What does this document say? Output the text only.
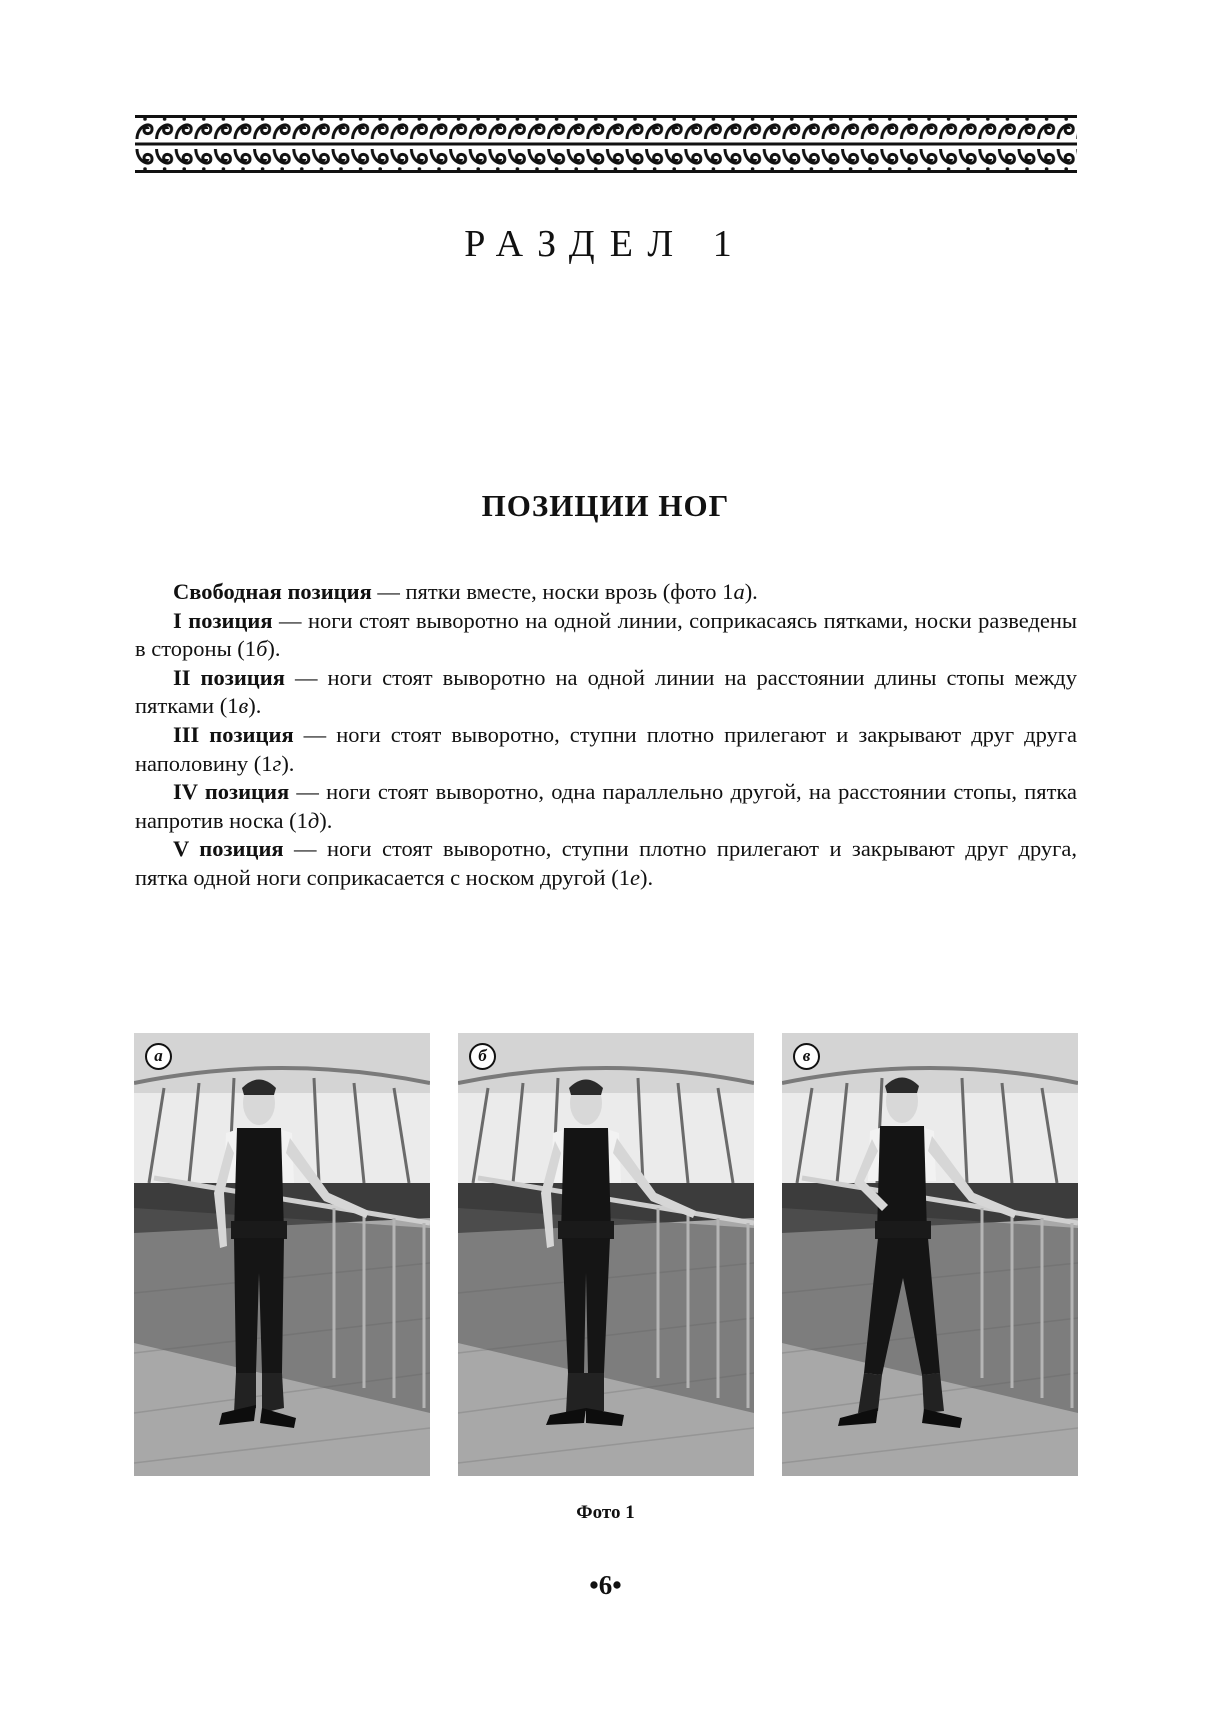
РАЗДЕЛ 1
ПОЗИЦИИ НОГ

Свободная позиция — пятки вместе, носки врозь (фото 1а).

I позиция — ноги стоят выворотно на одной линии, соприкасаясь пятками, носки разведены в стороны (1б).

II позиция — ноги стоят выворотно на одной линии на расстоянии длины стопы между пятками (1в).

III позиция — ноги стоят выворотно, ступни плотно прилегают и закрывают друг друга наполовину (1г).

IV позиция — ноги стоят выворотно, одна параллельно другой, на расстоянии стопы, пятка напротив носка (1д).

V позиция — ноги стоят выворотно, ступни плотно прилегают и закрывают друг друга, пятка одной ноги соприкасается с носком другой (1е).

а	б	в
Фото 1
•6•
